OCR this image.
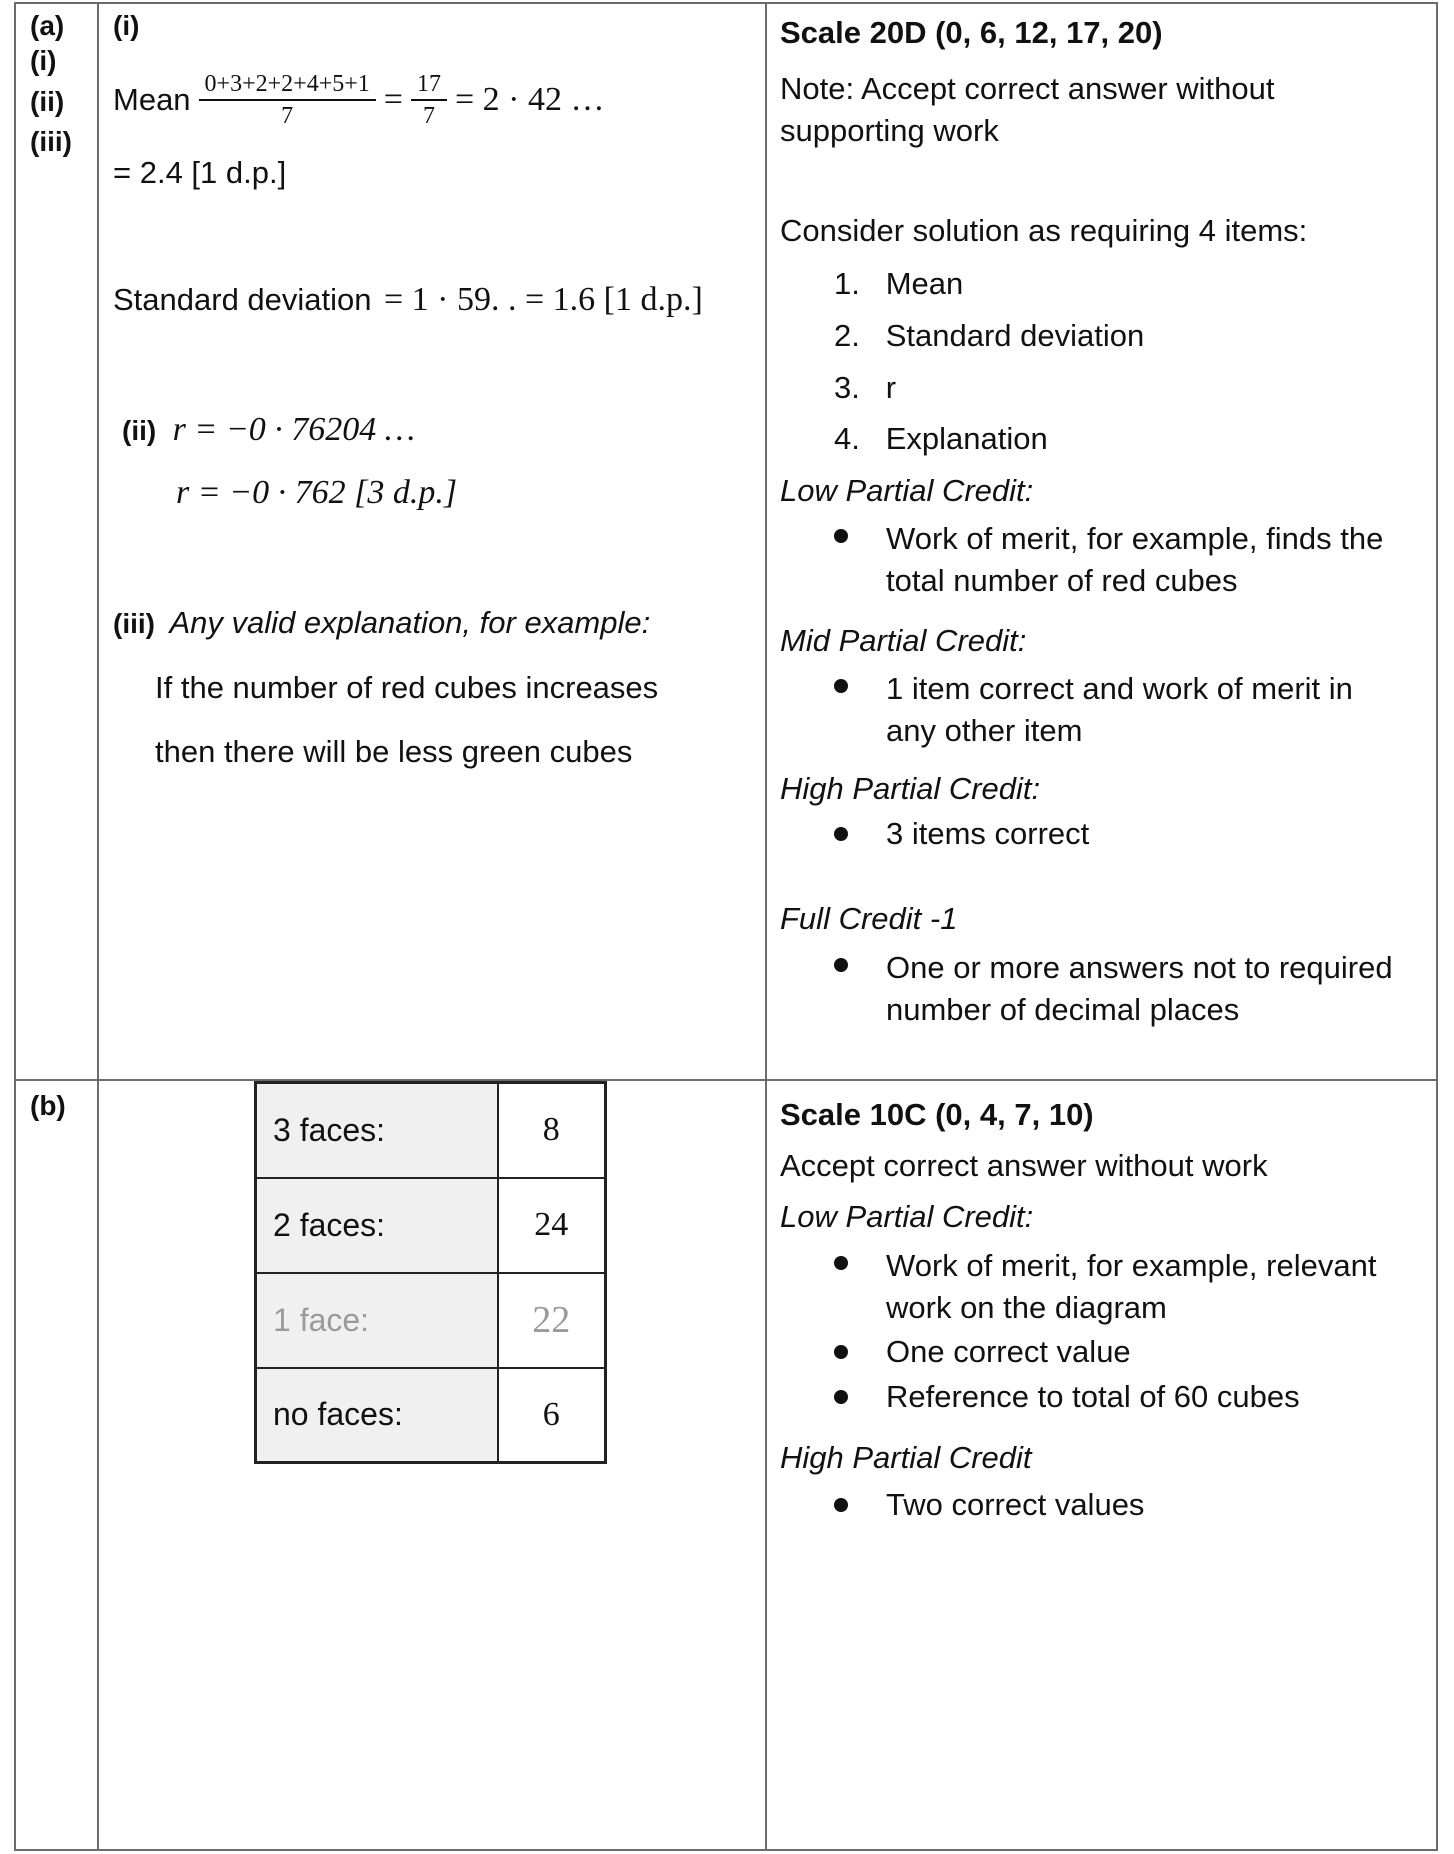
(a)
(i)
(ii)
(iii)
(i)
Mean $\frac{0+3+2+2+4+5+1}{7} = \frac{17}{7} = 2 \cdot 42$ …
= 2.4 [1 d.p.]
Standard deviation = 1 · 59. . = 1.6 [1 d.p.]
(ii) r = −0 · 76204 …
r = −0 · 762 [3 d.p.]
(iii) Any valid explanation, for example:
If the number of red cubes increases
then there will be less green cubes
Scale 20D (0, 6, 12, 17, 20)
Note: Accept correct answer without supporting work
Consider solution as requiring 4 items:
1.   Mean
2.   Standard deviation
3.   r
4.   Explanation
Low Partial Credit:
Work of merit, for example, finds the total number of red cubes
Mid Partial Credit:
1 item correct and work of merit in any other item
High Partial Credit:
3 items correct
Full Credit -1
One or more answers not to required number of decimal places
(b)
3 faces:	8
2 faces:	24
1 face:	22
no faces:	6
Scale 10C (0, 4, 7, 10)
Accept correct answer without work
Low Partial Credit:
Work of merit, for example, relevant work on the diagram
One correct value
Reference to total of 60 cubes
High Partial Credit
Two correct values
